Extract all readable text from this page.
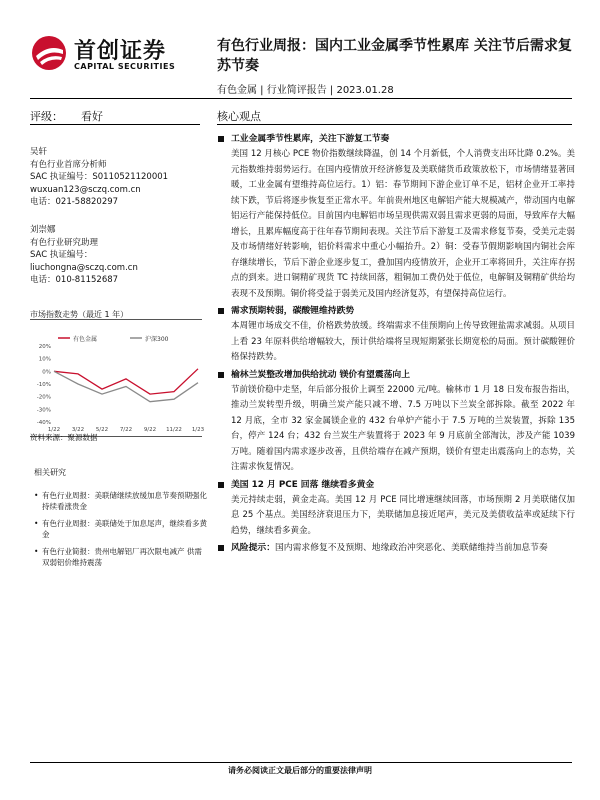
首创证券
CAPITAL SECURITIES
有色行业周报：国内工业金属季节性累库 关注节后需求复苏节奏
有色金属 | 行业简评报告 | 2023.01.28
评级： 看好	核心观点
吴轩
有色行业首席分析师
SAC 执证编号：S0110521120001
wuxuan123@sczq.com.cn
电话：021-58820297
刘崇娜
有色行业研究助理
SAC 执证编号：
liuchongna@sczq.com.cn
电话：010-81152687
市场指数走势（最近 1 年）
20%
10%
0%
-10%
-20%
-30%
-40%
1/22 3/22 5/22 7/22 9/22 11/22 1/23
有色金属	沪深300
资料来源：聚源数据
相关研究
• 有色行业周报：美联储继续放缓加息节奏预期强化 持续看涨贵金
• 有色行业周报：美联储处于加息尾声，继续看多黄金
• 有色行业简报：贵州电解铝厂再次限电减产 供需双弱铝价维持震荡
工业金属季节性累库，关注下游复工节奏
美国 12 月核心 PCE 物价指数继续降温，创 14 个月新低，个人消费支出环比降 0.2%。美元指数维持弱势运行。在国内疫情放开经济修复及美联储货币政策放松下，市场情绪显著回暖，工业金属有望维持高位运行。1）铝：春节期间下游企业订单不足，铝材企业开工率持续下跌，节后将逐步恢复至正常水平。年前贵州地区电解铝产能大规模减产，带动国内电解铝运行产能保持低位。目前国内电解铝市场呈现供需双弱且需求更弱的局面，导致库存大幅增长，且累库幅度高于往年春节期间表现。关注节后下游复工及需求修复节奏，受美元走弱及市场情绪好转影响，铝价料需求中重心小幅抬升。2）铜：受春节假期影响国内铜社会库存继续增长，节后下游企业逐步复工，叠加国内疫情放开，企业开工率将回升，关注库存拐点的到来。进口铜精矿现货 TC 持续回落，粗铜加工费仍处于低位，电解铜及铜精矿供给均表现不及预期。铜价将受益于弱美元及国内经济复苏，有望保持高位运行。
需求预期转弱，碳酸锂维持跌势
本周锂市场成交不佳，价格跌势放缓。终端需求不佳预期向上传导致锂盐需求减弱。从项目上看 23 年原料供给增幅较大，预计供给端将呈现短期紧张长期宽松的局面。预计碳酸锂价格保持跌势。
榆林兰炭整改增加供给扰动 镁价有望震荡向上
节前镁价稳中走坚，年后部分报价上调至 22000 元/吨。榆林市 1 月 18 日发布报告指出，推动兰炭转型升级，明确兰炭产能只减不增、7.5 万吨以下兰炭全部拆除。截至 2022 年 12 月底，全市 32 家金属镁企业的 432 台单炉产能小于 7.5 万吨的兰炭装置，拆除 135 台，停产 124 台；432 台兰炭生产装置将于 2023 年 9 月底前全部淘汰，涉及产能 1039 万吨。随着国内需求逐步改善，且供给端存在减产预期，镁价有望走出震荡向上的态势，关注需求恢复情况。
美国 12 月 PCE 回落 继续看多黄金
美元持续走弱，黄金走高。美国 12 月 PCE 同比增速继续回落，市场预期 2 月美联储仅加息 25 个基点。美国经济衰退压力下，美联储加息接近尾声，美元及美债收益率或延续下行趋势，继续看多黄金。
风险提示：国内需求修复不及预期、地缘政治冲突恶化、美联储维持当前加息节奏
请务必阅读正文最后部分的重要法律声明
